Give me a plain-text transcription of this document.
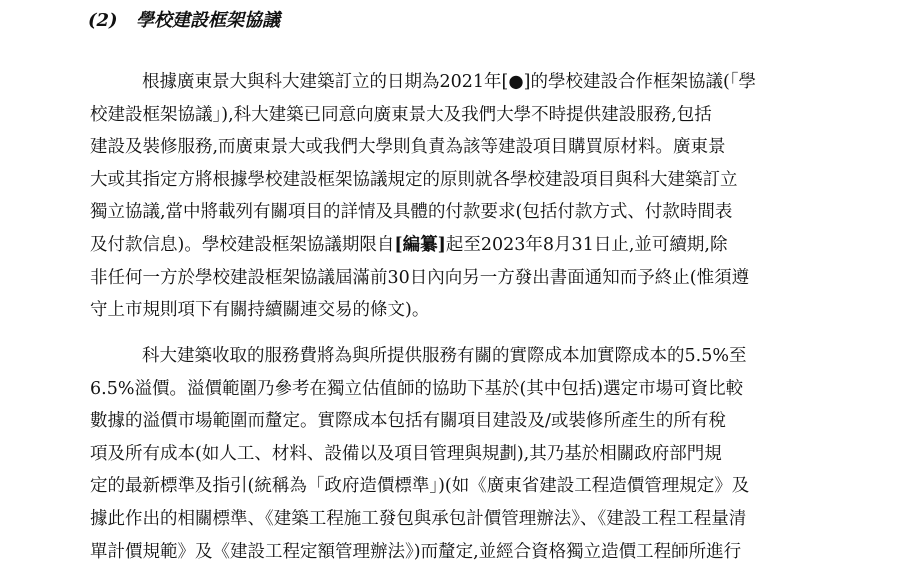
(2) 學校建設框架協議
根據廣東景大與科大建築訂立的日期為2021年[●]的學校建設合作框架協議(「學
校建設框架協議」),科大建築已同意向廣東景大及我們大學不時提供建設服務,包括
建設及裝修服務,而廣東景大或我們大學則負責為該等建設項目購買原材料。廣東景
大或其指定方將根據學校建設框架協議規定的原則就各學校建設項目與科大建築訂立
獨立協議,當中將載列有關項目的詳情及具體的付款要求(包括付款方式、付款時間表
及付款信息)。學校建設框架協議期限自[編纂]起至2023年8月31日止,並可續期,除
非任何一方於學校建設框架協議屆滿前30日內向另一方發出書面通知而予終止(惟須遵
守上市規則項下有關持續關連交易的條文)。
科大建築收取的服務費將為與所提供服務有關的實際成本加實際成本的5.5%至
6.5%溢價。溢價範圍乃參考在獨立估值師的協助下基於(其中包括)選定市場可資比較
數據的溢價市場範圍而釐定。實際成本包括有關項目建設及/或裝修所產生的所有稅
項及所有成本(如人工、材料、設備以及項目管理與規劃),其乃基於相關政府部門規
定的最新標準及指引(統稱為「政府造價標準」)(如《廣東省建設工程造價管理規定》及
據此作出的相關標準、《建築工程施工發包與承包計價管理辦法》、《建設工程工程量清
單計價規範》及《建設工程定額管理辦法》)而釐定,並經合資格獨立造價工程師所進行
